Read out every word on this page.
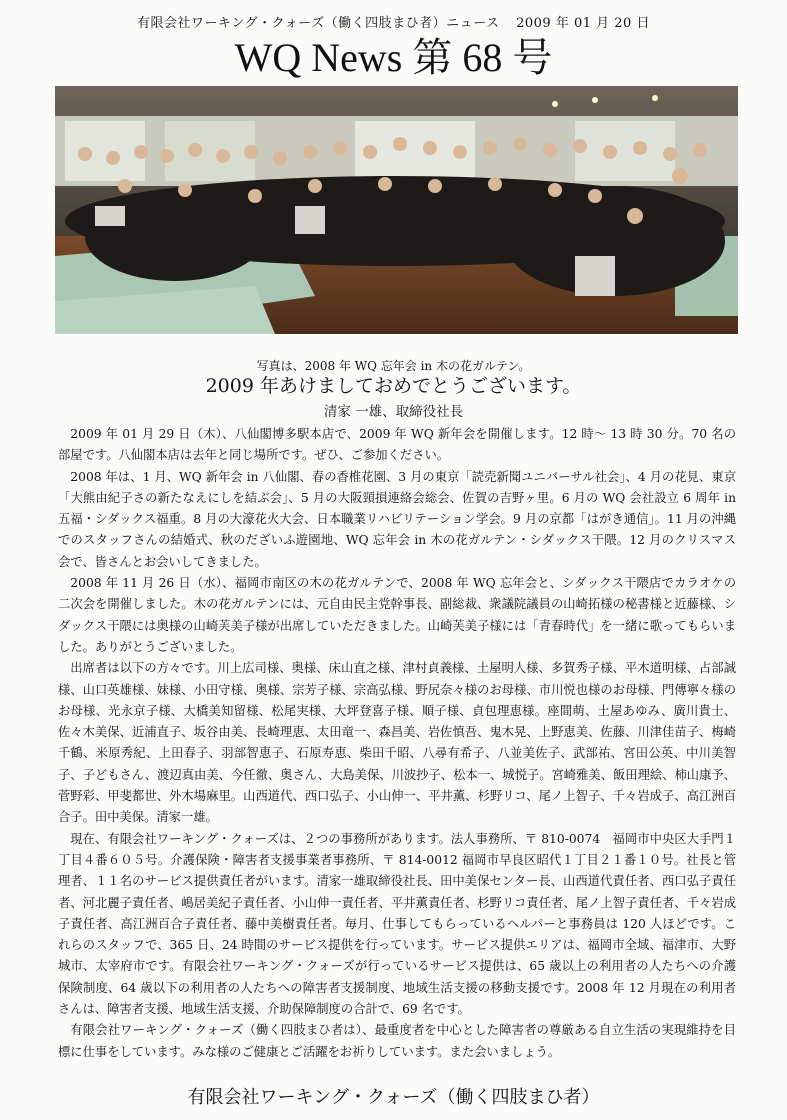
有限会社ワーキング・クォーズ（働く四肢まひ者）ニュース 2009 年 01 月 20 日
WQ News 第 68 号
写真は、2008 年 WQ 忘年会 in 木の花ガルテン。
2009 年あけましておめでとうございます。
清家 一雄、取締役社長

2009 年 01 月 29 日（木）、八仙閣博多駅本店で、2009 年 WQ 新年会を開催します。12 時～ 13 時 30 分。70 名の部屋です。八仙閣本店は去年と同じ場所です。ぜひ、ご参加ください。

2008 年は、1 月、WQ 新年会 in 八仙閣、春の香椎花園、3 月の東京「読売新聞ユニバーサル社会」、4 月の花見、東京「大熊由紀子さの新たなえにしを結ぶ会」、5 月の大阪頸損連絡会総会、佐賀の吉野ヶ里。6 月の WQ 会社設立 6 周年 in 五福・シダックス福重。8 月の大濠花火大会、日本職業リハビリテーション学会。9 月の京都「はがき通信」。11 月の沖縄でのスタッフさんの結婚式、秋のだざいふ遊園地、WQ 忘年会 in 木の花ガルテン・シダックス干隈。12 月のクリスマス会で、皆さんとお会いしてきました。

2008 年 11 月 26 日（水）、福岡市南区の木の花ガルテンで、2008 年 WQ 忘年会と、シダックス干隈店でカラオケの二次会を開催しました。木の花ガルテンには、元自由民主党幹事長、副総裁、衆議院議員の山崎拓様の秘書様と近藤様、シダックス干隈には奥様の山崎芙美子様が出席していただきました。山崎芙美子様には「青春時代」を一緒に歌ってもらいました。ありがとうございました。

出席者は以下の方々です。川上広司様、奥様、床山直之様、津村貞義様、土屋明人様、多賀秀子様、平木道明様、占部誠様、山口英雄様、妹様、小田守様、奥様、宗芳子様、宗高弘様、野尻奈々様のお母様、市川悦也様のお母様、門傳寧々様のお母様、光永京子様、大橋美知留様、松尾実様、大坪登喜子様、順子様、貞包理恵様。座間萌、土屋あゆみ、廣川貴士、佐々木美保、近浦直子、坂谷由美、長崎理恵、太田竜一、森昌美、岩佐慎吾、鬼木晃、上野恵美、佐藤、川津佳苗子、梅崎千鶴、米原秀紀、上田春子、羽部智恵子、石原寿恵、柴田千昭、八尋有希子、八並美佐子、武部祐、宮田公英、中川美智子、子どもさん、渡辺真由美、今任徹、奥さん、大島美保、川波抄子、松本一、城悦子。宮崎雅美、飯田理絵、柿山康予、菅野彩、甲斐都世、外木場麻里。山西道代、西口弘子、小山伸一、平井薫、杉野リコ、尾ノ上智子、千々岩成子、高江洲百合子。田中美保。清家一雄。

現在、有限会社ワーキング・クォーズは、２つの事務所があります。法人事務所、〒 810-0074　福岡市中央区大手門１丁目４番６０５号。介護保険・障害者支援事業者事務所、〒 814-0012 福岡市早良区昭代１丁目２１番１０号。社長と管理者、１１名のサービス提供責任者がいます。清家一雄取締役社長、田中美保センター長、山西道代責任者、西口弘子責任者、河北麗子責任者、嶋居美紀子責任者、小山伸一責任者、平井薫責任者、杉野リコ責任者、尾ノ上智子責任者、千々岩成子責任者、高江洲百合子責任者、藤中美樹責任者。毎月、仕事してもらっているヘルパーと事務員は 120 人ほどです。これらのスタッフで、365 日、24 時間のサービス提供を行っています。サービス提供エリアは、福岡市全域、福津市、大野城市、太宰府市です。有限会社ワーキング・クォーズが行っているサービス提供は、65 歳以上の利用者の人たちへの介護保険制度、64 歳以下の利用者の人たちへの障害者支援制度、地域生活支援の移動支援です。2008 年 12 月現在の利用者さんは、障害者支援、地域生活支援、介助保障制度の合計で、69 名です。

有限会社ワーキング・クォーズ（働く四肢まひ者は）、最重度者を中心とした障害者の尊厳ある自立生活の実現維持を目標に仕事をしています。みな様のご健康とご活躍をお祈りしています。また会いましょう。

有限会社ワーキング・クォーズ（働く四肢まひ者）
